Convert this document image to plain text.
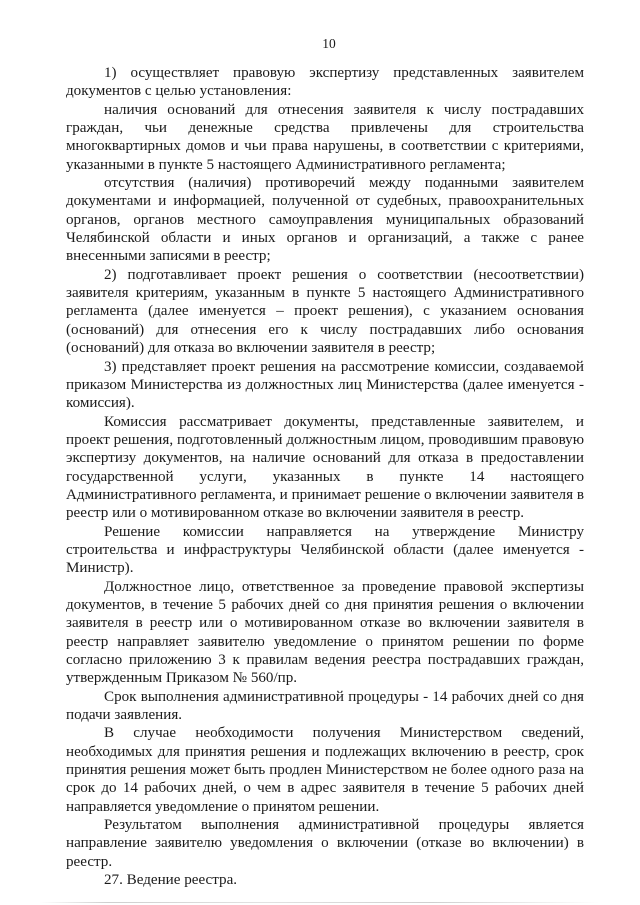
10

1) осуществляет правовую экспертизу представленных заявителем документов с целью установления:

наличия оснований для отнесения заявителя к числу пострадавших граждан, чьи денежные средства привлечены для строительства многоквартирных домов и чьи права нарушены, в соответствии с критериями, указанными в пункте 5 настоящего Административного регламента;

отсутствия (наличия) противоречий между поданными заявителем документами и информацией, полученной от судебных, правоохранительных органов, органов местного самоуправления муниципальных образований Челябинской области и иных органов и организаций, а также с ранее внесенными записями в реестр;

2) подготавливает проект решения о соответствии (несоответствии) заявителя критериям, указанным в пункте 5 настоящего Административного регламента (далее именуется – проект решения), с указанием основания (оснований) для отнесения его к числу пострадавших либо основания (оснований) для отказа во включении заявителя в реестр;

3) представляет проект решения на рассмотрение комиссии, создаваемой приказом Министерства из должностных лиц Министерства (далее именуется - комиссия).

Комиссия рассматривает документы, представленные заявителем, и проект решения, подготовленный должностным лицом, проводившим правовую экспертизу документов, на наличие оснований для отказа в предоставлении государственной услуги, указанных в пункте 14 настоящего Административного регламента, и принимает решение о включении заявителя в реестр или о мотивированном отказе во включении заявителя в реестр.

Решение комиссии направляется на утверждение Министру строительства и инфраструктуры Челябинской области (далее именуется - Министр).

Должностное лицо, ответственное за проведение правовой экспертизы документов, в течение 5 рабочих дней со дня принятия решения о включении заявителя в реестр или о мотивированном отказе во включении заявителя в реестр направляет заявителю уведомление о принятом решении по форме согласно приложению 3 к правилам ведения реестра пострадавших граждан, утвержденным Приказом № 560/пр.

Срок выполнения административной процедуры - 14 рабочих дней со дня подачи заявления.

В случае необходимости получения Министерством сведений, необходимых для принятия решения и подлежащих включению в реестр, срок принятия решения может быть продлен Министерством не более одного раза на срок до 14 рабочих дней, о чем в адрес заявителя в течение 5 рабочих дней направляется уведомление о принятом решении.

Результатом выполнения административной процедуры является направление заявителю уведомления о включении (отказе во включении) в реестр.

27. Ведение реестра.
